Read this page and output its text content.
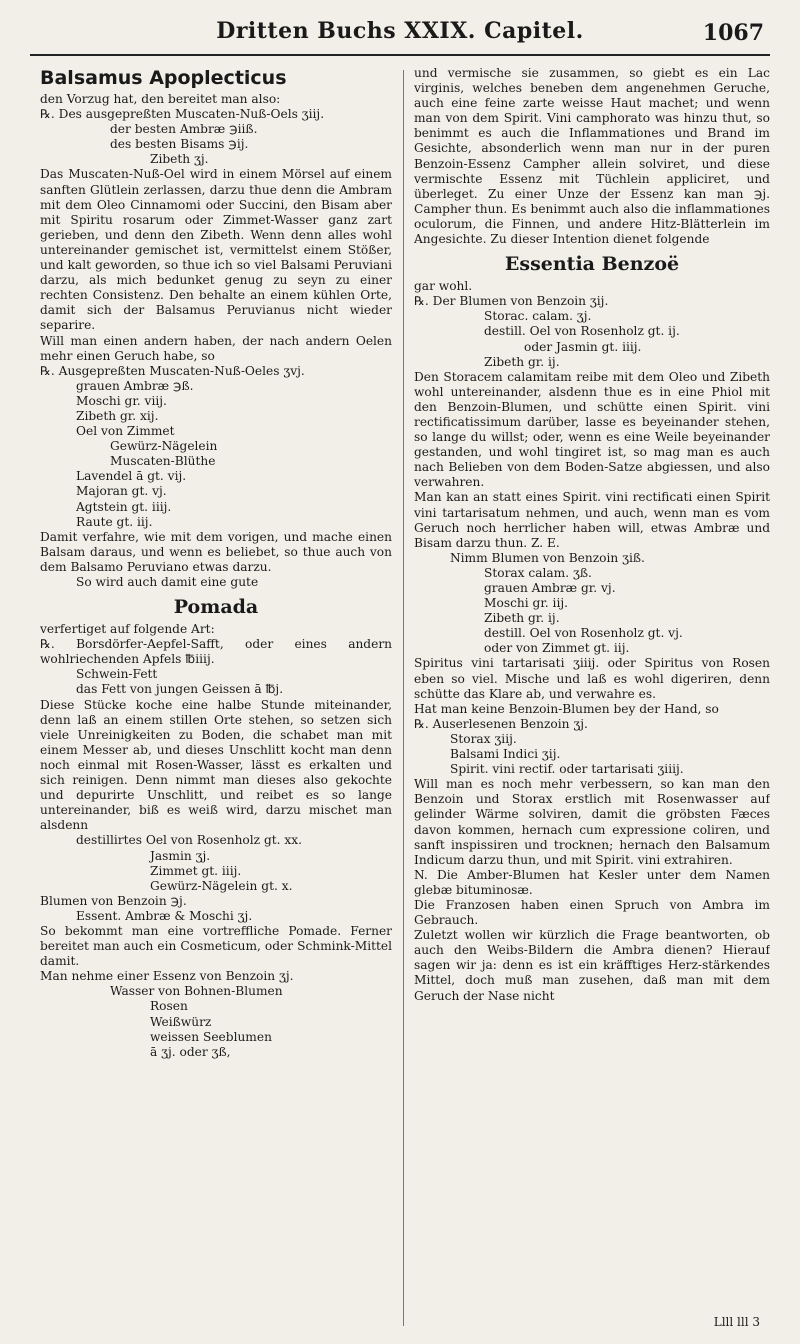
Dritten Buchs XXIX. Capitel.	1067
Balsamus Apoplecticus

den Vorzug hat, den bereitet man also:

℞. Des ausgepreßten Muscaten-Nuß-Oels ʒiij.

der besten Ambræ ℈iiß.

des besten Bisams ℈ij.

Zibeth ʒj.

Das Muscaten-Nuß-Oel wird in einem Mörsel auf einem sanften Glütlein zerlassen, darzu thue denn die Ambram mit dem Oleo Cinnamomi oder Succini, den Bisam aber mit Spiritu rosarum oder Zimmet-Wasser ganz zart gerieben, und denn den Zibeth. Wenn denn alles wohl untereinander gemischet ist, vermittelst einem Stößer, und kalt geworden, so thue ich so viel Balsami Peruviani darzu, als mich bedunket genug zu seyn zu einer rechten Consistenz. Den behalte an einem kühlen Orte, damit sich der Balsamus Peruvianus nicht wieder separire.

Will man einen andern haben, der nach andern Oelen mehr einen Geruch habe, so

℞. Ausgepreßten Muscaten-Nuß-Oeles ʒvj.

grauen Ambræ ℈ß.

Moschi gr. viij.

Zibeth gr. xij.

Oel von Zimmet

Gewürz-Nägelein

Muscaten-Blüthe

Lavendel ā gt. vij.

Majoran gt. vj.

Agtstein gt. iiij.

Raute gt. iij.

Damit verfahre, wie mit dem vorigen, und mache einen Balsam daraus, und wenn es beliebet, so thue auch von dem Balsamo Peruviano etwas darzu.

So wird auch damit eine gute

Pomada

verfertiget auf folgende Art:

℞. Borsdörfer-Aepfel-Safft, oder eines andern wohlriechenden Apfels ℔iiij.

Schwein-Fett

das Fett von jungen Geissen ā ℔j.

Diese Stücke koche eine halbe Stunde miteinander, denn laß an einem stillen Orte stehen, so setzen sich viele Unreinigkeiten zu Boden, die schabet man mit einem Messer ab, und dieses Unschlitt kocht man denn noch einmal mit Rosen-Wasser, lässt es erkalten und sich reinigen. Denn nimmt man dieses also gekochte und depurirte Unschlitt, und reibet es so lange untereinander, biß es weiß wird, darzu mischet man alsdenn

destillirtes Oel von Rosenholz gt. xx.

Jasmin ʒj.

Zimmet gt. iiij.

Gewürz-Nägelein gt. x.

Blumen von Benzoin ℈j.

Essent. Ambræ & Moschi ʒj.

So bekommt man eine vortreffliche Pomade. Ferner bereitet man auch ein Cosmeticum, oder Schmink-Mittel damit.

Man nehme einer Essenz von Benzoin ʒj.

Wasser von Bohnen-Blumen

Rosen

Weißwürz

weissen Seeblumen

ā ʒj. oder ʒß,

und vermische sie zusammen, so giebt es ein Lac virginis, welches beneben dem angenehmen Geruche, auch eine feine zarte weisse Haut machet; und wenn man von dem Spirit. Vini camphorato was hinzu thut, so benimmt es auch die Inflammationes und Brand im Gesichte, absonderlich wenn man nur in der puren Benzoin-Essenz Campher allein solviret, und diese vermischte Essenz mit Tüchlein appliciret, und überleget. Zu einer Unze der Essenz kan man ℈j. Campher thun. Es benimmt auch also die inflammationes oculorum, die Finnen, und andere Hitz-Blätterlein im Angesichte. Zu dieser Intention dienet folgende

Essentia Benzoë

gar wohl.

℞. Der Blumen von Benzoin ʒij.

Storac. calam. ʒj.

destill. Oel von Rosenholz gt. ij.

oder Jasmin gt. iiij.

Zibeth gr. ij.

Den Storacem calamitam reibe mit dem Oleo und Zibeth wohl untereinander, alsdenn thue es in eine Phiol mit den Benzoin-Blumen, und schütte einen Spirit. vini rectificatissimum darüber, lasse es beyeinander stehen, so lange du willst; oder, wenn es eine Weile beyeinander gestanden, und wohl tingiret ist, so mag man es auch nach Belieben von dem Boden-Satze abgiessen, und also verwahren.

Man kan an statt eines Spirit. vini rectificati einen Spirit vini tartarisatum nehmen, und auch, wenn man es vom Geruch noch herrlicher haben will, etwas Ambræ und Bisam darzu thun. Z. E.

Nimm Blumen von Benzoin ʒiß.

Storax calam. ʒß.

grauen Ambræ gr. vj.

Moschi gr. iij.

Zibeth gr. ij.

destill. Oel von Rosenholz gt. vj.

oder von Zimmet gt. iij.

Spiritus vini tartarisati ʒiiij. oder Spiritus von Rosen eben so viel. Mische und laß es wohl digeriren, denn schütte das Klare ab, und verwahre es.

Hat man keine Benzoin-Blumen bey der Hand, so

℞. Auserlesenen Benzoin ʒj.

Storax ʒiij.

Balsami Indici ʒij.

Spirit. vini rectif. oder tartarisati ʒiiij.

Will man es noch mehr verbessern, so kan man den Benzoin und Storax erstlich mit Rosenwasser auf gelinder Wärme solviren, damit die gröbsten Fæces davon kommen, hernach cum expressione coliren, und sanft inspissiren und trocknen; hernach den Balsamum Indicum darzu thun, und mit Spirit. vini extrahiren.

N. Die Amber-Blumen hat Kesler unter dem Namen glebæ bituminosæ.

Die Franzosen haben einen Spruch von Ambra im Gebrauch.

Zuletzt wollen wir kürzlich die Frage beantworten, ob auch den Weibs-Bildern die Ambra dienen? Hierauf sagen wir ja: denn es ist ein kräfftiges Herz-stärkendes Mittel, doch muß man zusehen, daß man mit dem Geruch der Nase nicht

Llll lll 3
